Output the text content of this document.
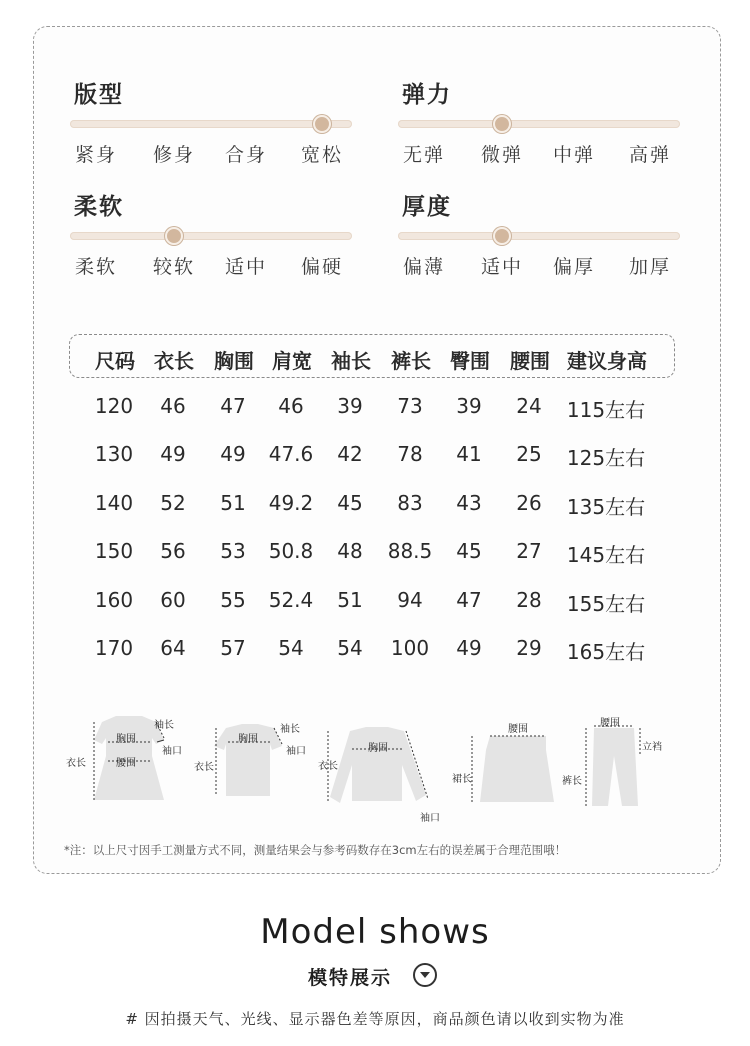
版型
紧身 修身 合身 宽松
弹力
无弹 微弹 中弹 高弹
柔软
柔软 较软 适中 偏硬
厚度
偏薄 适中 偏厚 加厚
尺码 衣长 胸围 肩宽 袖长 裤长 臀围 腰围 建议身高
120 46 47 46 39 73 39 24 115左右
130 49 49 47.6 42 78 41 25 125左右
140 52 51 49.2 45 83 43 26 135左右
150 56 53 50.8 48 88.5 45 27 145左右
160 60 55 52.4 51 94 47 28 155左右
170 64 57 54 54 100 49 29 165左右
袖长
胸围
袖口
衣长	腰围
袖长
胸围
袖口
衣长
胸围
衣长
袖口
腰围
裙长
腰围
立裆
裤长
*注：以上尺寸因手工测量方式不同，测量结果会与参考码数存在3cm左右的误差属于合理范围哦！
Model shows
模特展示
# 因拍摄天气、光线、显示器色差等原因，商品颜色请以收到实物为准
